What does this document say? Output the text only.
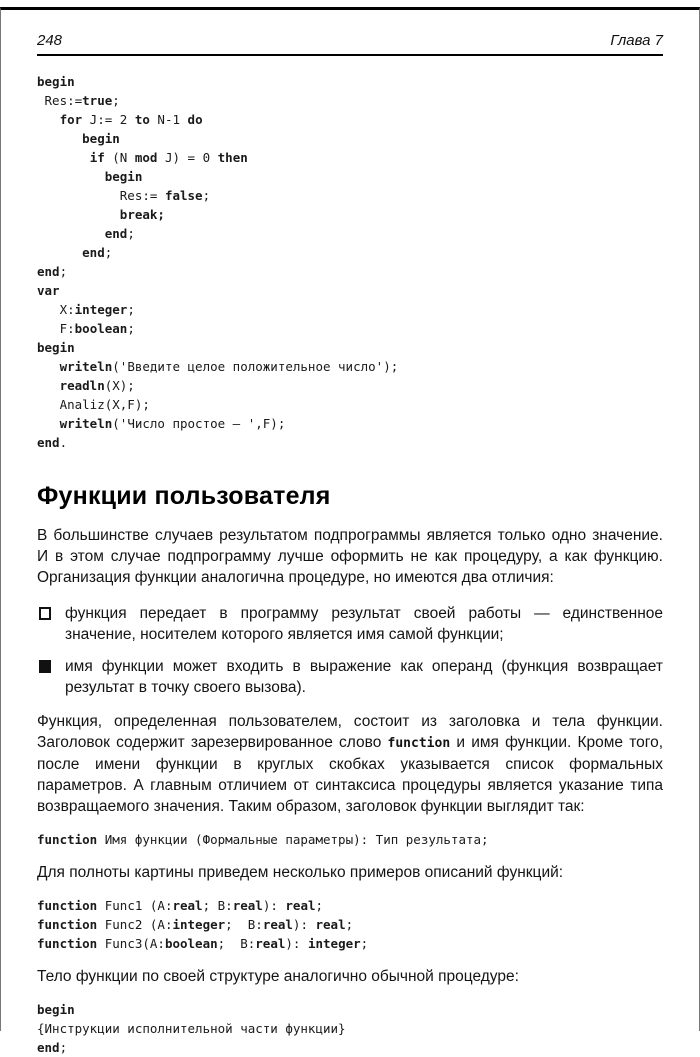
248	Глава 7
begin
Res:=true;
for J:= 2 to N-1 do
begin
if (N mod J) = 0 then
begin
Res:= false;
break;
end;
end;
end;
var
X:integer;
F:boolean;
begin
writeln('Введите целое положительное число');
readln(X);
Analiz(X,F);
writeln('Число простое — ',F);
end.
Функции пользователя

В большинстве случаев результатом подпрограммы является только одно значение. И в этом случае подпрограмму лучше оформить не как процедуру, а как функцию. Организация функции аналогична процедуре, но имеются два отличия:

функция передает в программу результат своей работы — единственное значение, носителем которого является имя самой функции;
имя функции может входить в выражение как операнд (функция возвращает результат в точку своего вызова).

Функция, определенная пользователем, состоит из заголовка и тела функции. Заголовок содержит зарезервированное слово function и имя функции. Кроме того, после имени функции в круглых скобках указывается список формальных параметров. А главным отличием от синтаксиса процедуры является указание типа возвращаемого значения. Таким образом, заголовок функции выглядит так:

function Имя функции (Формальные параметры): Тип результата;

Для полноты картины приведем несколько примеров описаний функций:

function Func1 (A:real; B:real): real;
function Func2 (A:integer;  B:real): real;
function Func3(A:boolean;  B:real): integer;

Тело функции по своей структуре аналогично обычной процедуре:

begin
{Инструкции исполнительной части функции}
end;
